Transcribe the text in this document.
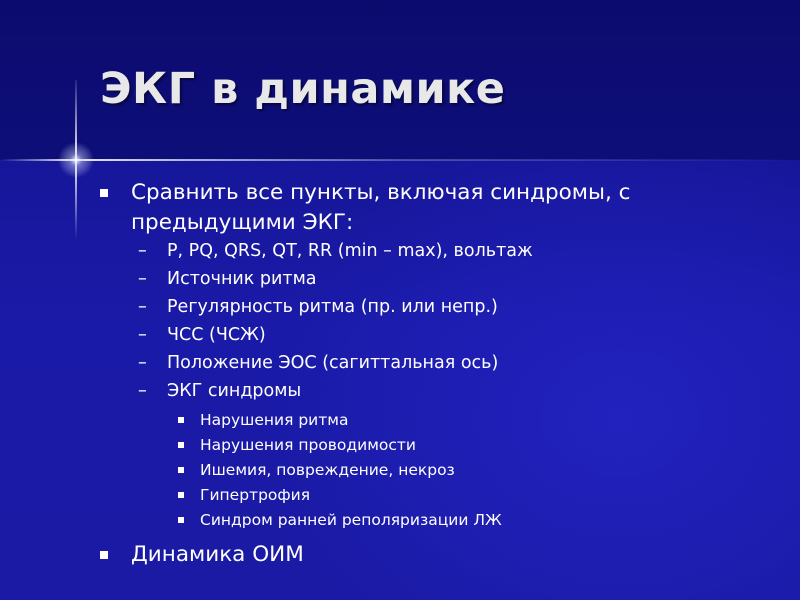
ЭКГ в динамике
Сравнить все пункты, включая синдромы, с предыдущими ЭКГ:
– P, PQ, QRS, QT, RR (min – max), вольтаж
– Источник ритма
– Регулярность ритма (пр. или непр.)
– ЧСС (ЧСЖ)
– Положение ЭОС (сагиттальная ось)
– ЭКГ синдромы
Нарушения ритма
Нарушения проводимости
Ишемия, повреждение, некроз
Гипертрофия
Синдром ранней реполяризации ЛЖ
Динамика ОИМ
